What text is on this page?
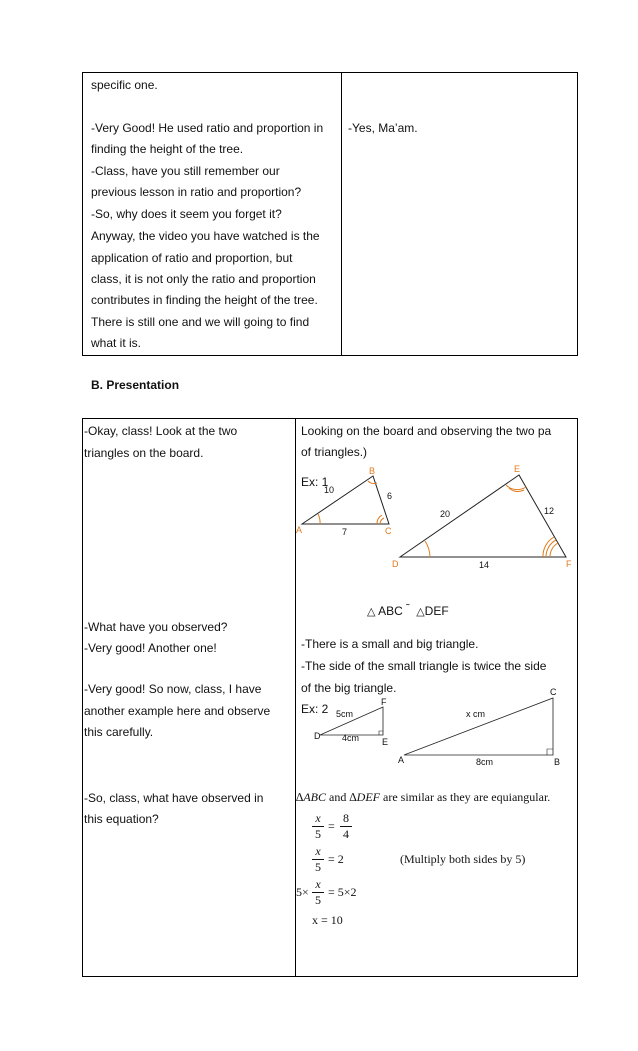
specific one.
-Very Good! He used ratio and proportion in
finding the height of the tree.
-Class, have you still remember our
previous lesson in ratio and proportion?
-So, why does it seem you forget it?
Anyway, the video you have watched is the
application of ratio and proportion, but
class, it is not only the ratio and proportion
contributes in finding the height of the tree.
There is still one and we will going to find
what it is.
-Yes, Ma’am.
B. Presentation
-Okay, class! Look at the two
triangles on the board.
-What have you observed?
-Very good! Another one!
-Very good! So now, class, I have
another example here and observe
this carefully.
-So, class, what have observed in
this equation?
Looking on the board and observing the two pa
of triangles.)
Ex: 1
A
B
C
10
6
7
D
E
F
20	12
14
△ ABC ˜ △DEF
-There is a small and big triangle.
-The side of the small triangle is twice the side
of the big triangle.
Ex: 2 5cm
4cm
D
F
E
x cm
8cm
A
C
B
∆ABC and ∆DEF are similar as they are equiangular.
x
5
=
8
4
x
5
= 2	(Multiply both sides by 5)
5×
x
5
= 5×2
x = 10
